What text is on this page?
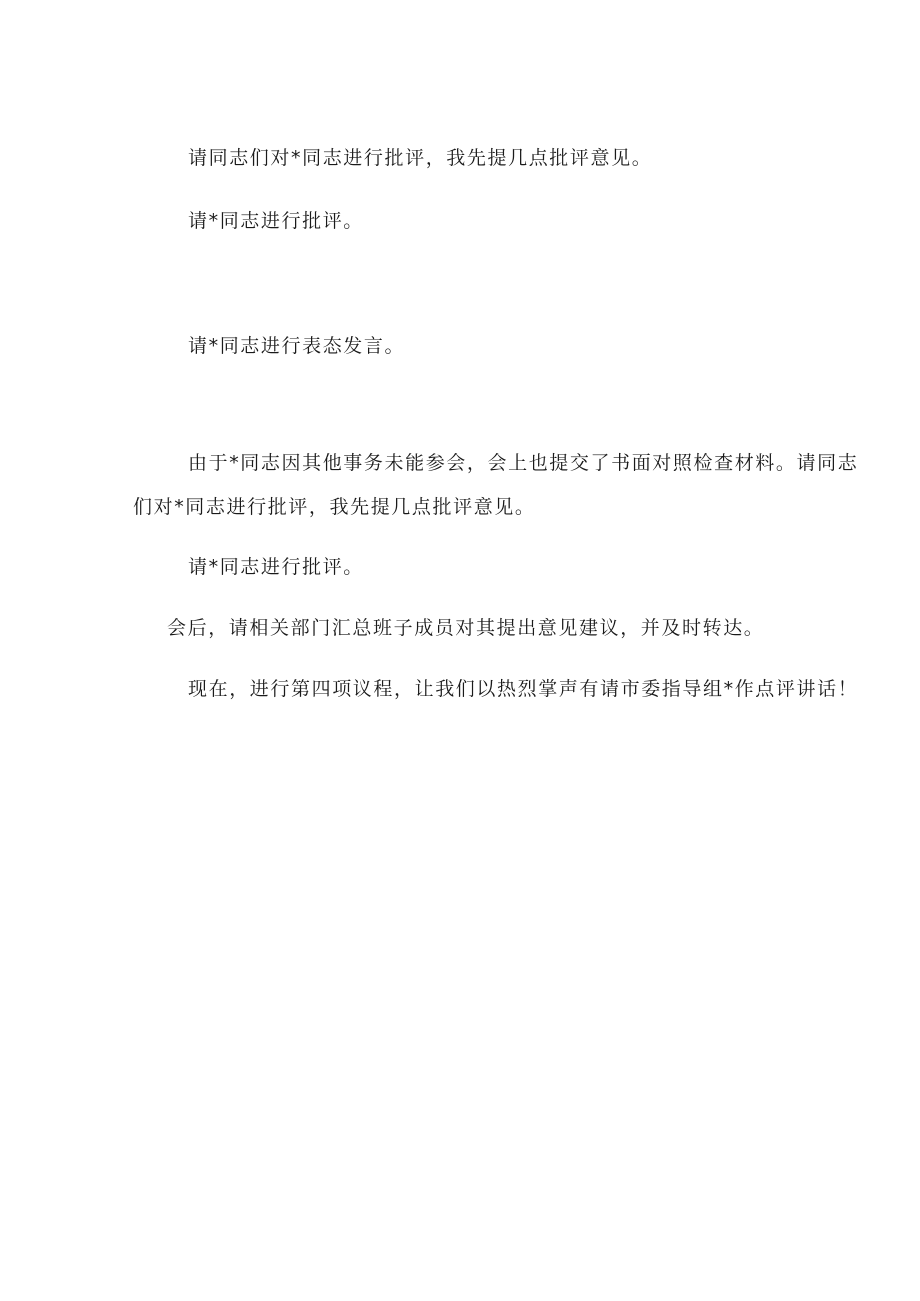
请同志们对*同志进行批评，我先提几点批评意见。

请*同志进行批评。

请*同志进行表态发言。

由于*同志因其他事务未能参会，会上也提交了书面对照检查材料。请同志

们对*同志进行批评，我先提几点批评意见。

请*同志进行批评。

会后，请相关部门汇总班子成员对其提出意见建议，并及时转达。

现在，进行第四项议程，让我们以热烈掌声有请市委指导组*作点评讲话！
